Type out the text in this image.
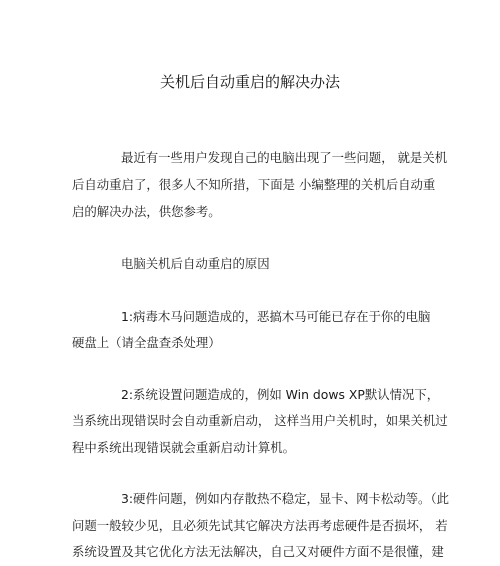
关机后自动重启的解决办法
最近有一些用户发现自己的电脑出现了一些问题， 就是关机
后自动重启了，很多人不知所措，下面是 小编整理的关机后自动重
启的解决办法，供您参考。
电脑关机后自动重启的原因
1:病毒木马问题造成的，恶搞木马可能已存在于你的电脑
硬盘上（请全盘查杀处理）
2:系统设置问题造成的，例如 Win dows XP默认情况下，
当系统出现错误时会自动重新启动， 这样当用户关机时，如果关机过
程中系统出现错误就会重新启动计算机。
3:硬件问题，例如内存散热不稳定，显卡、网卡松动等。（此
问题一般较少见，且必须先试其它解决方法再考虑硬件是否损坏， 若
系统设置及其它优化方法无法解决，自己又对硬件方面不是很懂，建
